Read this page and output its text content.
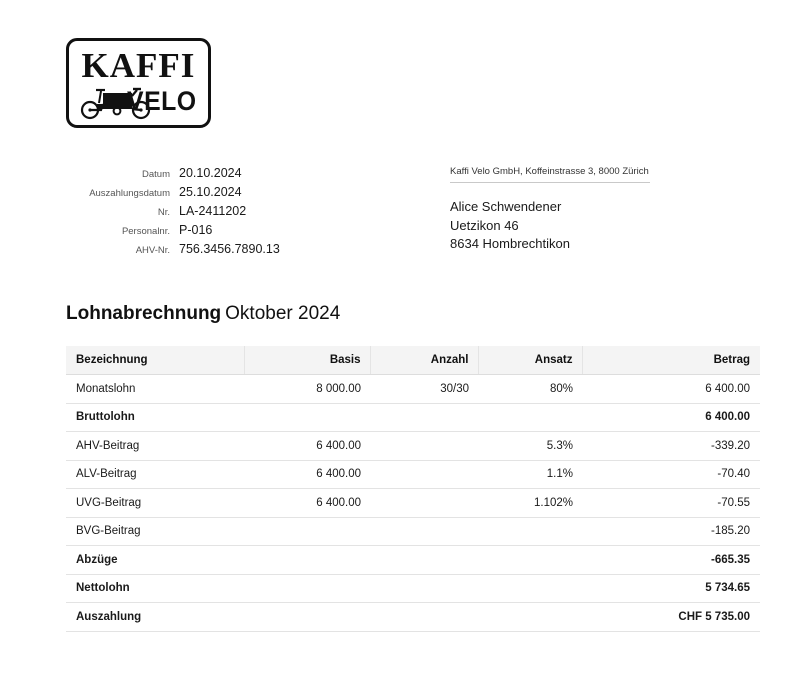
KAFFI
VELO
Datum 20.10.2024
Auszahlungsdatum 25.10.2024
Nr. LA-2411202
Personalnr. P-016
AHV-Nr. 756.3456.7890.13
Kaffi Velo GmbH, Koffeinstrasse 3, 8000 Zürich
Alice Schwendener
Uetzikon 46
8634 Hombrechtikon
Lohnabrechnung Oktober 2024
Bezeichnung	Basis	Anzahl	Ansatz	Betrag
Monatslohn	8 000.00	30/30	80%	6 400.00
Bruttolohn				6 400.00
AHV-Beitrag	6 400.00		5.3%	-339.20
ALV-Beitrag	6 400.00		1.1%	-70.40
UVG-Beitrag	6 400.00		1.102%	-70.55
BVG-Beitrag				-185.20
Abzüge				-665.35
Nettolohn				5 734.65
Auszahlung				CHF 5 735.00
